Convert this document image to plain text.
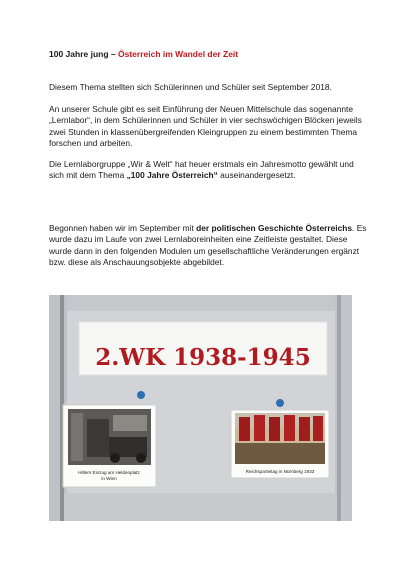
100 Jahre jung – Österreich im Wandel der Zeit

Diesem Thema stellten sich Schülerinnen und Schüler seit September 2018.

An unserer Schule gibt es seit Einführung der Neuen Mittelschule das sogenannte „Lernlabor“, in dem Schülerinnen und Schüler in vier sechswöchigen Blöcken jeweils zwei Stunden in klassenübergreifenden Kleingruppen zu einem bestimmten Thema forschen und arbeiten.

Die Lernlaborgruppe „Wir & Welt“ hat heuer erstmals ein Jahresmotto gewählt und sich mit dem Thema „100 Jahre Österreich“ auseinandergesetzt.

Begonnen haben wir im September mit der politischen Geschichte Österreichs. Es wurde dazu im Laufe von zwei Lernlaboreinheiten eine Zeitleiste gestaltet. Diese wurde dann in den folgenden Modulen um gesellschaftliche Veränderungen ergänzt bzw. diese als Anschauungsobjekte abgebildet.

2.WK 1938-1945
Hitlers Einzug am Heldenplatz in Wien
Reichsparteitag in Nürnberg 1933
